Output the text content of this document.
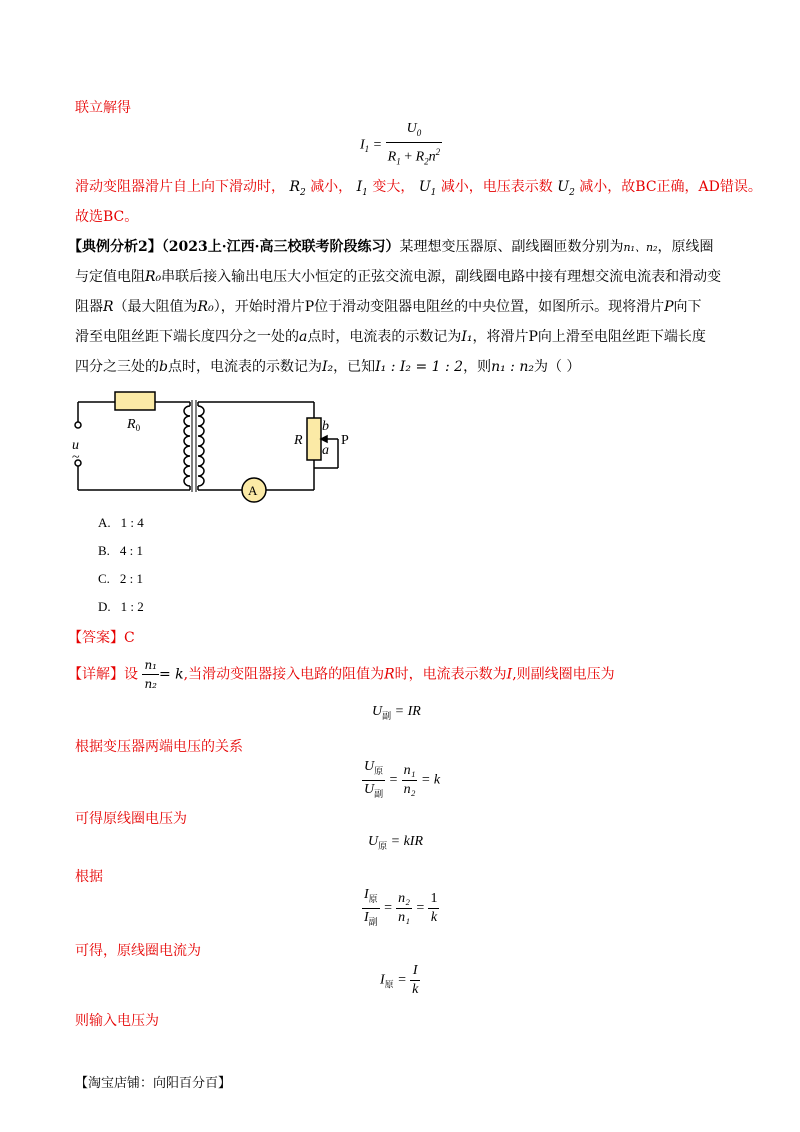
联立解得
$I_1 = \frac{U_0}{R_1 + R_2n^2}$
滑动变阻器滑片自上向下滑动时， $R_2$ 减小， $I_1$ 变大， $U_1$ 减小，电压表示数 $U_2$ 减小，故BC正确，AD错误。
故选BC。
【典例分析2】（2023上·江西·高三校联考阶段练习）某理想变压器原、副线圈匝数分别为n₁、n₂，原线圈
与定值电阻R₀串联后接入输出电压大小恒定的正弦交流电源，副线圈电路中接有理想交流电流表和滑动变
阻器R（最大阻值为R₀），开始时滑片P位于滑动变阻器电阻丝的中央位置，如图所示。现将滑片P向下
滑至电阻丝距下端长度四分之一处的a点时，电流表的示数记为I₁，将滑片P向上滑至电阻丝距下端长度
四分之三处的b点时，电流表的示数记为I₂，已知I₁ : I₂ = 1 : 2，则n₁ : n₂为（ ）
$R_0$
u
~
R
b
a
P
A
A. 1 : 4
B. 4 : 1
C. 2 : 1
D. 1 : 2
【答案】C
【详解】设 $\frac{\text{n₁}}{\text{n₂}} = k$,当滑动变阻器接入电路的阻值为R时，电流表示数为I,则副线圈电压为
$U_副$ = IR
根据变压器两端电压的关系
$\frac{U_原}{U_副} = \frac{\text{n₁}}{\text{n₂}} = k$
可得原线圈电压为
$U_原$ = kIR
根据
$\frac{I_原}{I_副} = \frac{\text{n₂}}{\text{n₁}} = \frac{1}{k}$
可得，原线圈电流为
$I_原 = \frac{I}{k}$
则输入电压为
【淘宝店铺：向阳百分百】
